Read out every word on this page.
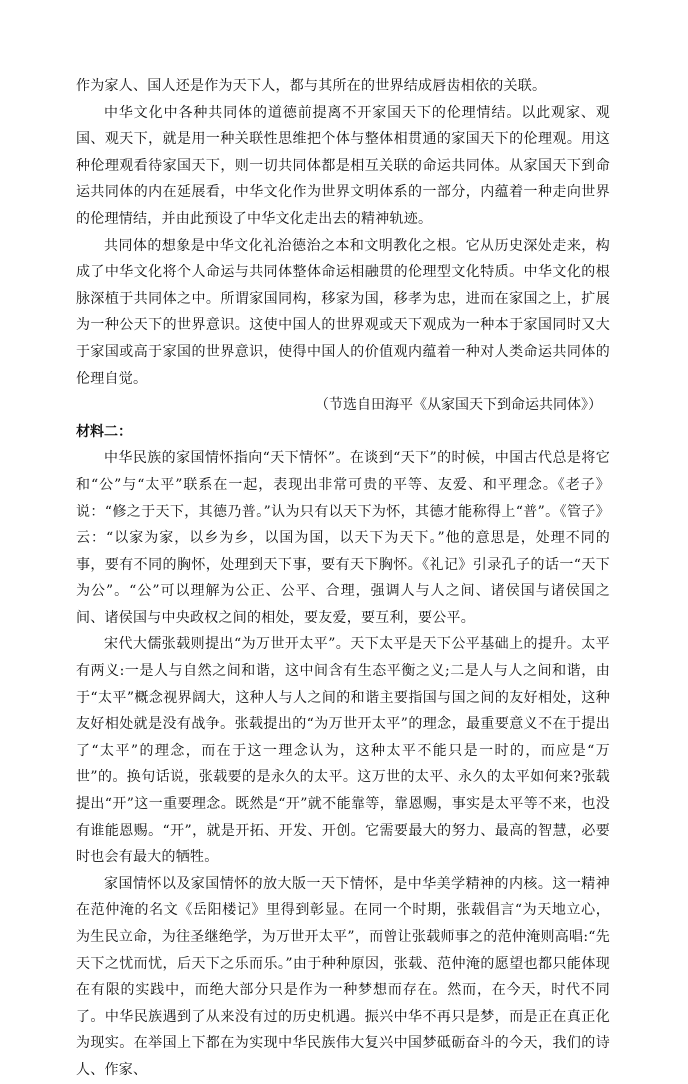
作为家人、国人还是作为天下人，都与其所在的世界结成唇齿相依的关联。

中华文化中各种共同体的道德前提离不开家国天下的伦理情结。以此观家、观国、观天下，就是用一种关联性思维把个体与整体相贯通的家国天下的伦理观。用这种伦理观看待家国天下，则一切共同体都是相互关联的命运共同体。从家国天下到命运共同体的内在延展看，中华文化作为世界文明体系的一部分，内蕴着一种走向世界的伦理情结，并由此预设了中华文化走出去的精神轨迹。

共同体的想象是中华文化礼治德治之本和文明教化之根。它从历史深处走来，构成了中华文化将个人命运与共同体整体命运相融贯的伦理型文化特质。中华文化的根脉深植于共同体之中。所谓家国同构，移家为国，移孝为忠，进而在家国之上，扩展为一种公天下的世界意识。这使中国人的世界观或天下观成为一种本于家国同时又大于家国或高于家国的世界意识，使得中国人的价值观内蕴着一种对人类命运共同体的伦理自觉。

（节选自田海平《从家国天下到命运共同体》）

材料二：

中华民族的家国情怀指向“天下情怀”。在谈到“天下”的时候，中国古代总是将它和“公”与“太平”联系在一起，表现出非常可贵的平等、友爱、和平理念。《老子》说：“修之于天下，其德乃普。”认为只有以天下为怀，其德才能称得上“普”。《管子》云：“以家为家，以乡为乡，以国为国，以天下为天下。”他的意思是，处理不同的事，要有不同的胸怀，处理到天下事，要有天下胸怀。《礼记》引录孔子的话一“天下为公”。“公”可以理解为公正、公平、合理，强调人与人之间、诸侯国与诸侯国之间、诸侯国与中央政权之间的相处，要友爱，要互利，要公平。

宋代大儒张载则提出“为万世开太平”。天下太平是天下公平基础上的提升。太平有两义:一是人与自然之间和谐，这中间含有生态平衡之义;二是人与人之间和谐，由于“太平”概念视界阔大，这种人与人之间的和谐主要指国与国之间的友好相处，这种友好相处就是没有战争。张载提出的“为万世开太平”的理念，最重要意义不在于提出了“太平”的理念，而在于这一理念认为，这种太平不能只是一时的，而应是“万世”的。换句话说，张载要的是永久的太平。这万世的太平、永久的太平如何来?张载提出“开”这一重要理念。既然是“开”就不能靠等，靠恩赐，事实是太平等不来，也没有谁能恩赐。“开”，就是开拓、开发、开创。它需要最大的努力、最高的智慧，必要时也会有最大的牺牲。

家国情怀以及家国情怀的放大版一天下情怀，是中华美学精神的内核。这一精神在范仲淹的名文《岳阳楼记》里得到彰显。在同一个时期，张载倡言“为天地立心，为生民立命，为往圣继绝学，为万世开太平”，而曾让张载师事之的范仲淹则高唱:“先天下之忧而忧，后天下之乐而乐。”由于种种原因，张载、范仲淹的愿望也都只能体现在有限的实践中，而绝大部分只是作为一种梦想而存在。然而，在今天，时代不同了。中华民族遇到了从来没有过的历史机遇。振兴中华不再只是梦，而是正在真正化为现实。在举国上下都在为实现中华民族伟大复兴中国梦砥砺奋斗的今天，我们的诗人、作家、
